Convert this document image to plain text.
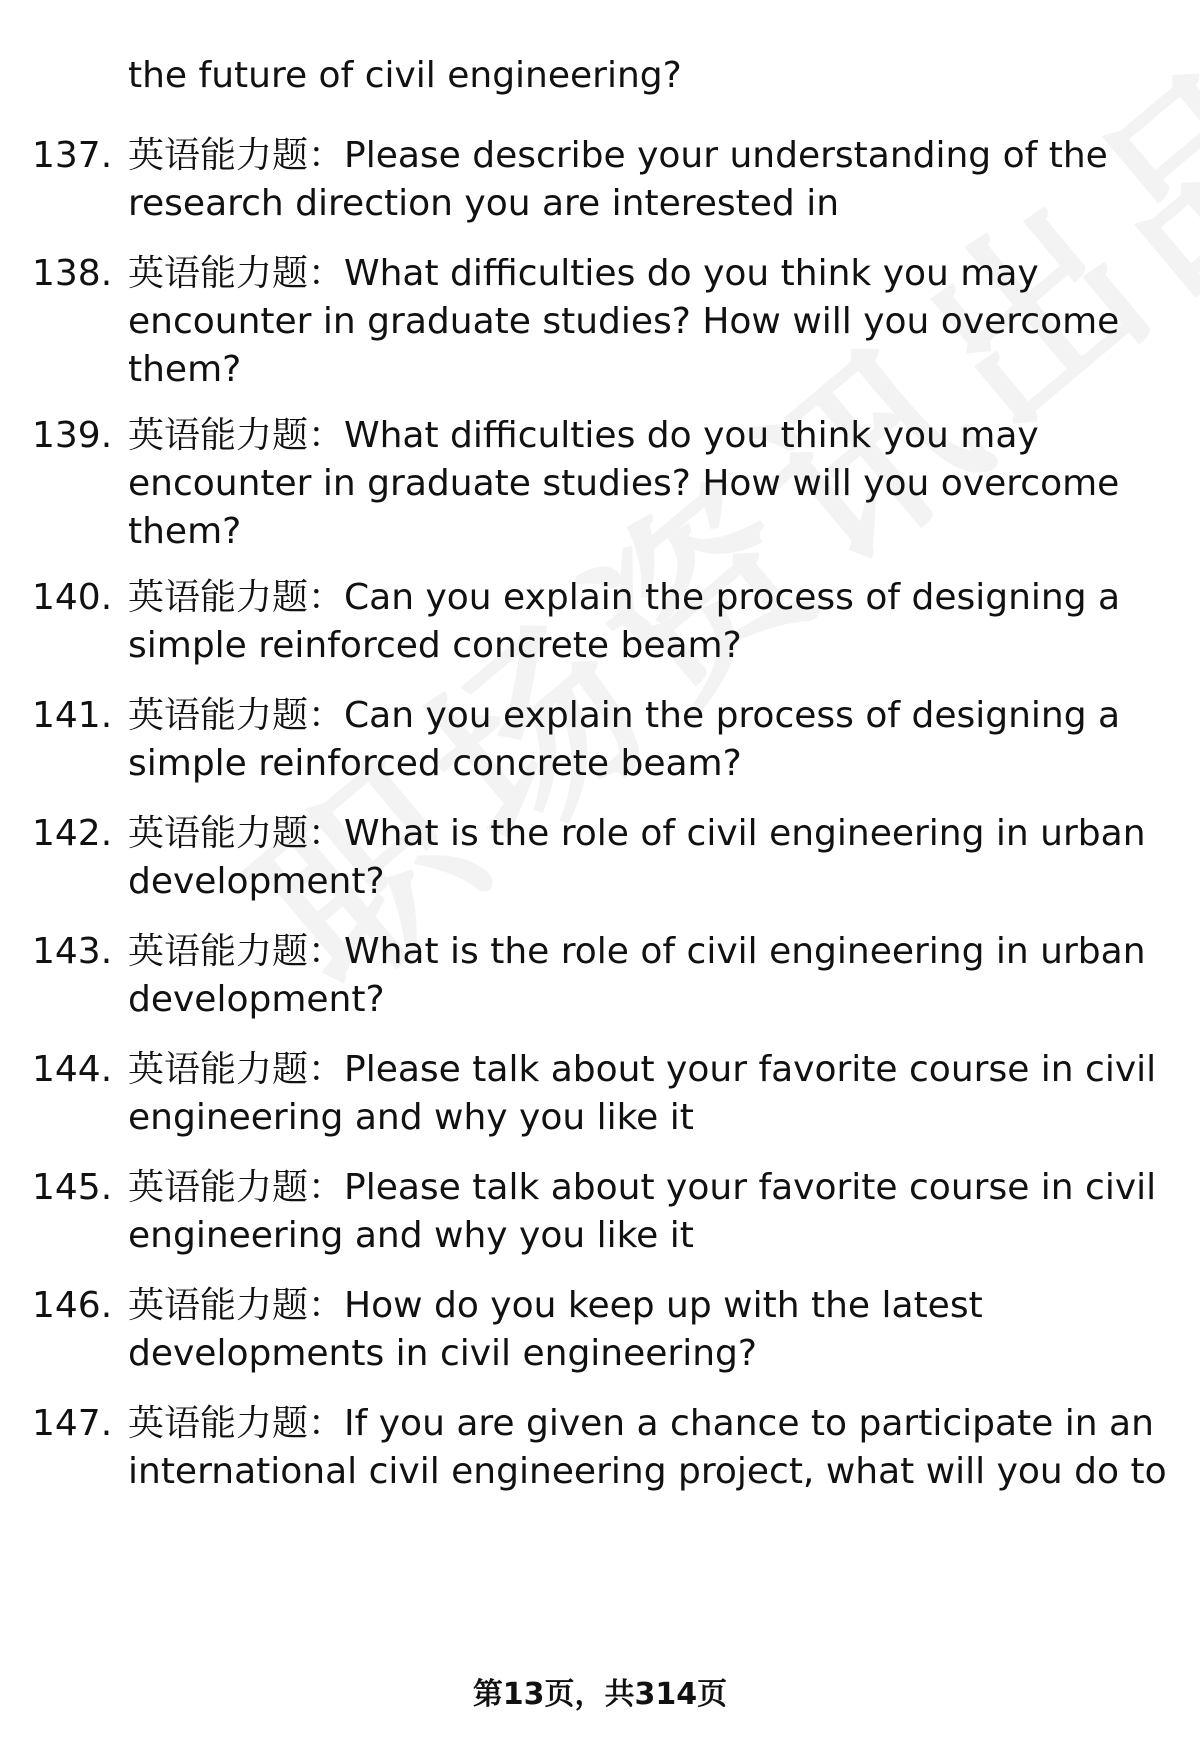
the future of civil engineering?
137. 英语能力题：Please describe your understanding of the
research direction you are interested in
138. 英语能力题：What difficulties do you think you may
encounter in graduate studies? How will you overcome
them?
139. 英语能力题：What difficulties do you think you may
encounter in graduate studies? How will you overcome
them?
140. 英语能力题：Can you explain the process of designing a
simple reinforced concrete beam?
141. 英语能力题：Can you explain the process of designing a
simple reinforced concrete beam?
142. 英语能力题：What is the role of civil engineering in urban
development?
143. 英语能力题：What is the role of civil engineering in urban
development?
144. 英语能力题：Please talk about your favorite course in civil
engineering and why you like it
145. 英语能力题：Please talk about your favorite course in civil
engineering and why you like it
146. 英语能力题：How do you keep up with the latest
developments in civil engineering?
147. 英语能力题：If you are given a chance to participate in an
international civil engineering project, what will you do to
第13页，共314页
